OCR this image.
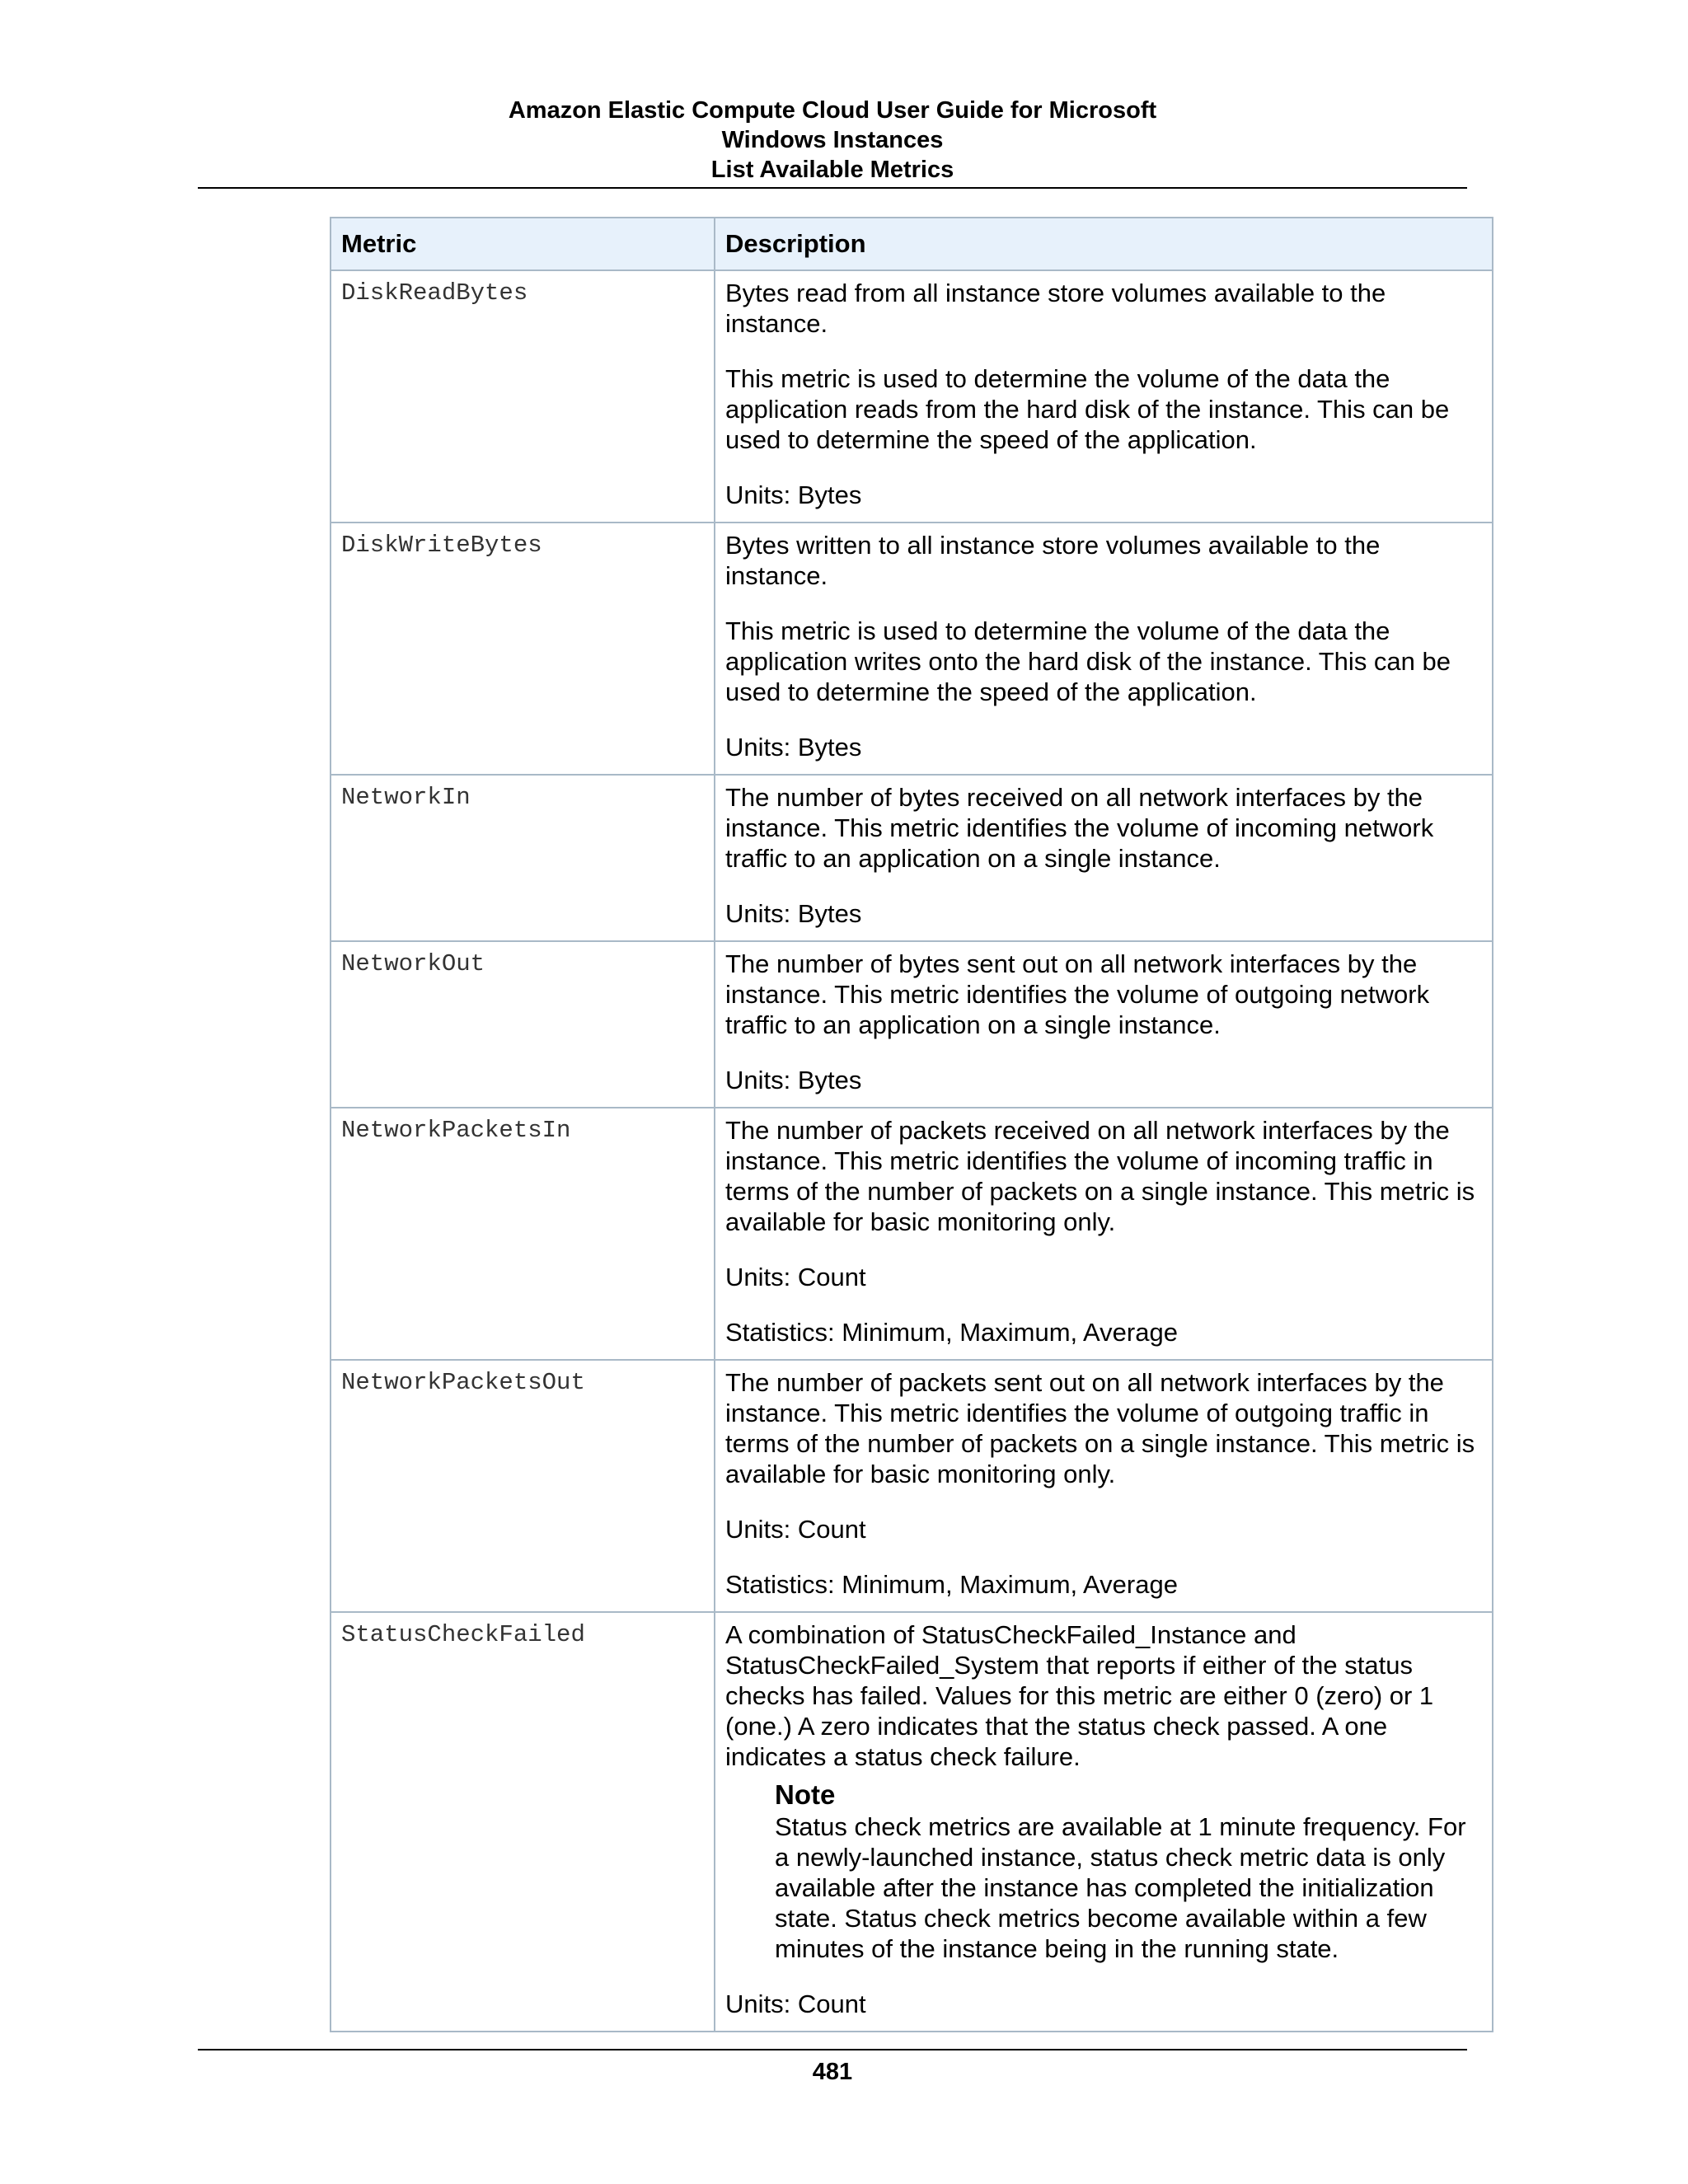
Amazon Elastic Compute Cloud User Guide for Microsoft
Windows Instances
List Available Metrics
Metric	Description
DiskReadBytes	Bytes read from all instance store volumes available to the instance.

This metric is used to determine the volume of the data the application reads from the hard disk of the instance. This can be used to determine the speed of the application.

Units: Bytes

DiskWriteBytes	Bytes written to all instance store volumes available to the instance.

This metric is used to determine the volume of the data the application writes onto the hard disk of the instance. This can be used to determine the speed of the application.

Units: Bytes

NetworkIn	The number of bytes received on all network interfaces by the instance. This metric identifies the volume of incoming network traffic to an application on a single instance.

Units: Bytes

NetworkOut	The number of bytes sent out on all network interfaces by the instance. This metric identifies the volume of outgoing network traffic to an application on a single instance.

Units: Bytes

NetworkPacketsIn	The number of packets received on all network interfaces by the instance. This metric identifies the volume of incoming traffic in terms of the number of packets on a single instance. This metric is available for basic monitoring only.

Units: Count

Statistics: Minimum, Maximum, Average

NetworkPacketsOut	The number of packets sent out on all network interfaces by the instance. This metric identifies the volume of outgoing traffic in terms of the number of packets on a single instance. This metric is available for basic monitoring only.

Units: Count

Statistics: Minimum, Maximum, Average

StatusCheckFailed	A combination of StatusCheckFailed_Instance and StatusCheckFailed_System that reports if either of the status checks has failed. Values for this metric are either 0 (zero) or 1 (one.) A zero indicates that the status check passed. A one indicates a status check failure.

Note
Status check metrics are available at 1 minute frequency. For a newly-launched instance, status check metric data is only available after the instance has completed the initialization state. Status check metrics become available within a few minutes of the instance being in the running state.

Units: Count

481
